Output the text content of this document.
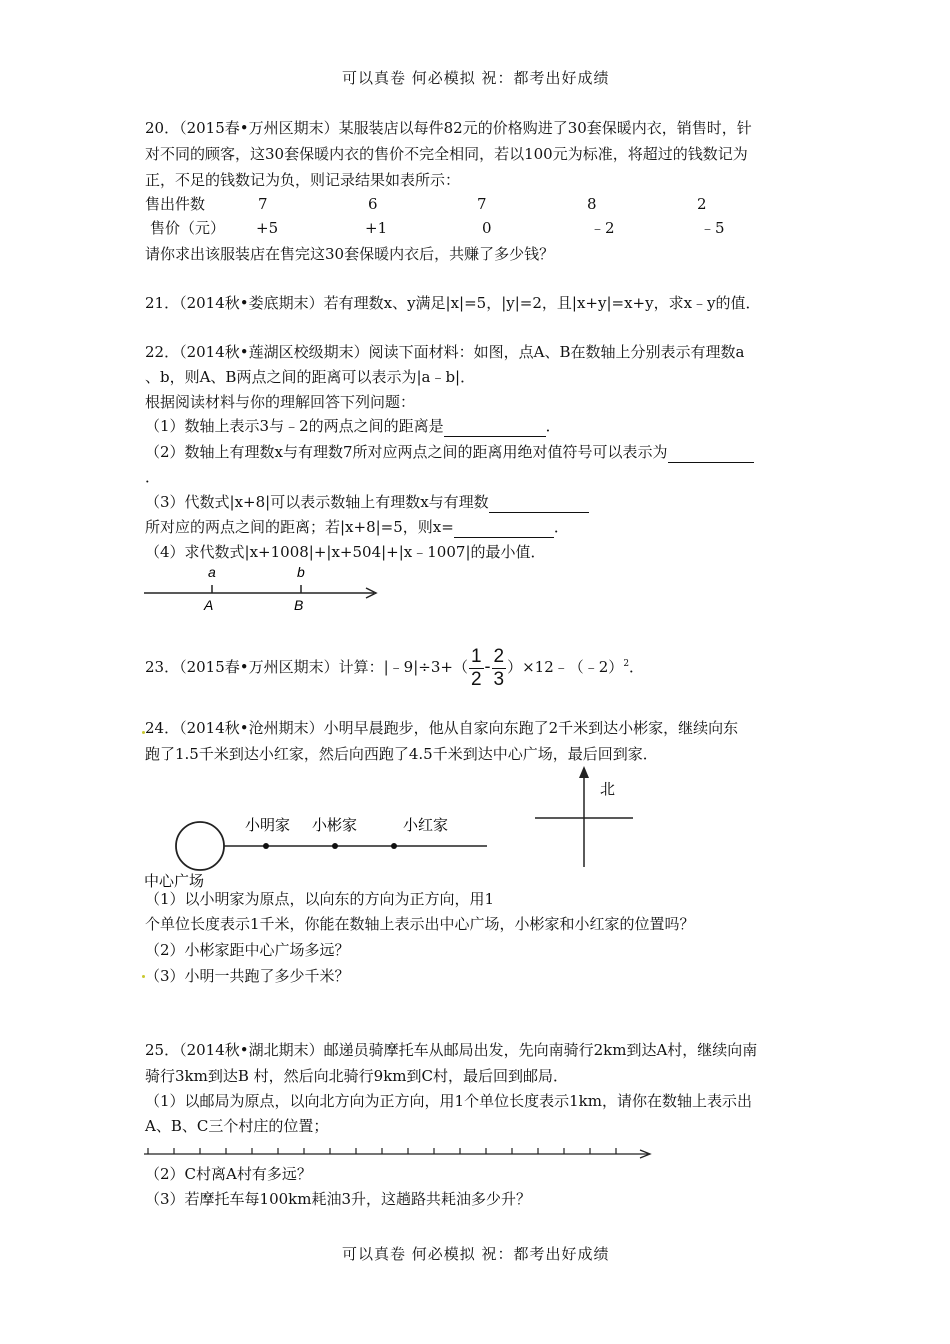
可以真卷 何必模拟 祝：都考出好成绩
20．（2015春•万州区期末）某服装店以每件82元的价格购进了30套保暖内衣，销售时，针
对不同的顾客，这30套保暖内衣的售价不完全相同，若以100元为标准，将超过的钱数记为
正，不足的钱数记为负，则记录结果如表所示：
售出件数	7	6	7	8	2
售价（元） +5	+1	0	﹣2	﹣5
请你求出该服装店在售完这30套保暖内衣后，共赚了多少钱？
21．（2014秋•娄底期末）若有理数x、y满足|x|=5，|y|=2，且|x+y|=x+y，求x﹣y的值．
22．（2014秋•莲湖区校级期末）阅读下面材料：如图，点A、B在数轴上分别表示有理数a
、b，则A、B两点之间的距离可以表示为|a﹣b|．
根据阅读材料与你的理解回答下列问题：
（1）数轴上表示3与﹣2的两点之间的距离是	．
（2）数轴上有理数x与有理数7所对应两点之间的距离用绝对值符号可以表示为
．
（3）代数式|x+8|可以表示数轴上有理数x与有理数
所对应的两点之间的距离；若|x+8|=5，则x=	．
（4）求代数式|x+1008|+|x+504|+|x﹣1007|的最小值．
a	b
A	B
23．（2015春•万州区期末）计算：|﹣9|÷3+（ $\frac{1}{2} - \frac{2}{3}$ ）×12﹣（﹣2）$^2$．
24．（2014秋•沧州期末）小明早晨跑步，他从自家向东跑了2千米到达小彬家，继续向东
跑了1.5千米到达小红家，然后向西跑了4.5千米到达中心广场，最后回到家．
小明家 小彬家	小红家
中心广场
北
（1）以小明家为原点，以向东的方向为正方向，用1
个单位长度表示1千米，你能在数轴上表示出中心广场，小彬家和小红家的位置吗？
（2）小彬家距中心广场多远？
（3）小明一共跑了多少千米？
25．（2014秋•湖北期末）邮递员骑摩托车从邮局出发，先向南骑行2km到达A村，继续向南
骑行3km到达B 村，然后向北骑行9km到C村，最后回到邮局．
（1）以邮局为原点，以向北方向为正方向，用1个单位长度表示1km，请你在数轴上表示出
A、B、C三个村庄的位置；
（2）C村离A村有多远？
（3）若摩托车每100km耗油3升，这趟路共耗油多少升？
可以真卷 何必模拟 祝：都考出好成绩
